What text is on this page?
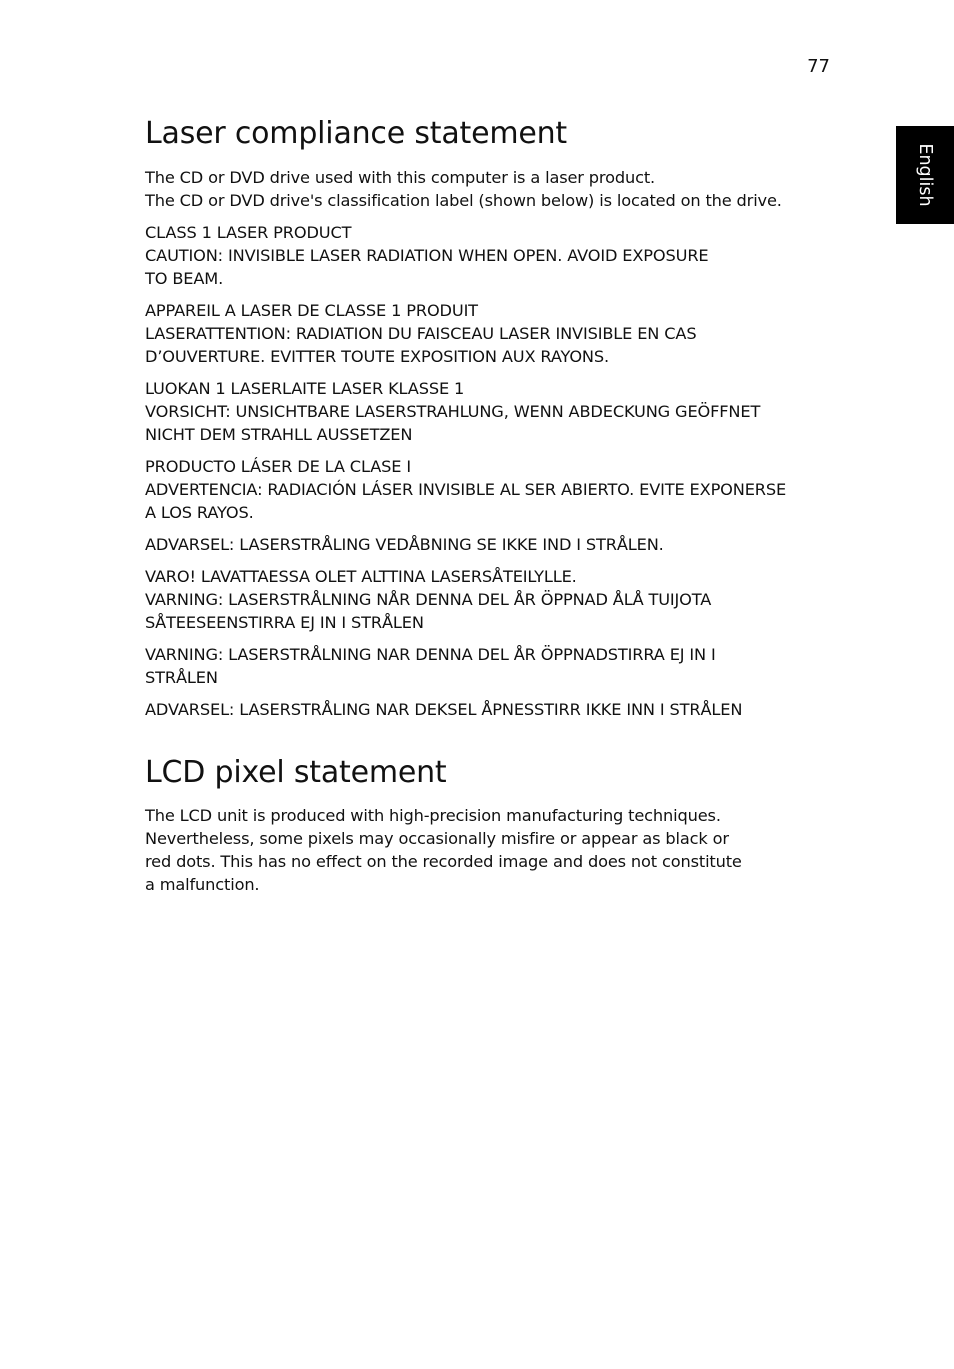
77
English
Laser compliance statement

The CD or DVD drive used with this computer is a laser product.
The CD or DVD drive's classification label (shown below) is located on the drive.

CLASS 1 LASER PRODUCT
CAUTION: INVISIBLE LASER RADIATION WHEN OPEN. AVOID EXPOSURE
TO BEAM.

APPAREIL A LASER DE CLASSE 1 PRODUIT
LASERATTENTION: RADIATION DU FAISCEAU LASER INVISIBLE EN CAS
D’OUVERTURE. EVITTER TOUTE EXPOSITION AUX RAYONS.

LUOKAN 1 LASERLAITE LASER KLASSE 1
VORSICHT: UNSICHTBARE LASERSTRAHLUNG, WENN ABDECKUNG GEÖFFNET
NICHT DEM STRAHLL AUSSETZEN

PRODUCTO LÁSER DE LA CLASE I
ADVERTENCIA: RADIACIÓN LÁSER INVISIBLE AL SER ABIERTO. EVITE EXPONERSE
A LOS RAYOS.

ADVARSEL: LASERSTRÅLING VEDÅBNING SE IKKE IND I STRÅLEN.

VARO! LAVATTAESSA OLET ALTTINA LASERSÅTEILYLLE.
VARNING: LASERSTRÅLNING NÅR DENNA DEL ÅR ÖPPNAD ÅLÅ TUIJOTA
SÅTEESEENSTIRRA EJ IN I STRÅLEN

VARNING: LASERSTRÅLNING NAR DENNA DEL ÅR ÖPPNADSTIRRA EJ IN I
STRÅLEN

ADVARSEL: LASERSTRÅLING NAR DEKSEL ÅPNESSTIRR IKKE INN I STRÅLEN

LCD pixel statement

The LCD unit is produced with high-precision manufacturing techniques.
Nevertheless, some pixels may occasionally misfire or appear as black or
red dots. This has no effect on the recorded image and does not constitute
a malfunction.
